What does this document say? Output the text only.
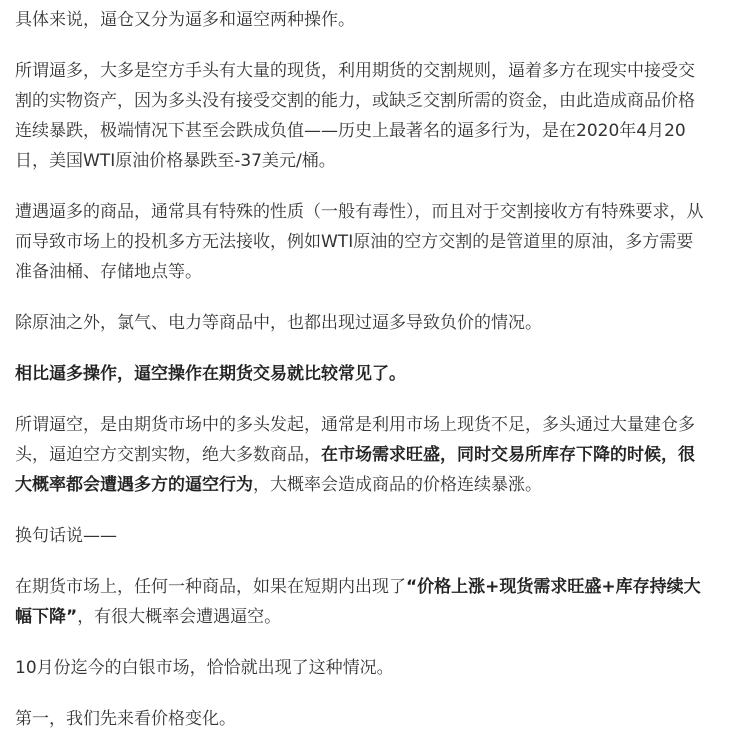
具体来说，逼仓又分为逼多和逼空两种操作。

所谓逼多，大多是空方手头有大量的现货，利用期货的交割规则，逼着多方在现实中接受交割的实物资产，因为多头没有接受交割的能力，或缺乏交割所需的资金，由此造成商品价格连续暴跌，极端情况下甚至会跌成负值——历史上最著名的逼多行为，是在2020年4月20日，美国WTI原油价格暴跌至-37美元/桶。

遭遇逼多的商品，通常具有特殊的性质（一般有毒性），而且对于交割接收方有特殊要求，从而导致市场上的投机多方无法接收，例如WTI原油的空方交割的是管道里的原油，多方需要准备油桶、存储地点等。

除原油之外，氯气、电力等商品中，也都出现过逼多导致负价的情况。

相比逼多操作，逼空操作在期货交易就比较常见了。

所谓逼空，是由期货市场中的多头发起，通常是利用市场上现货不足，多头通过大量建仓多头，逼迫空方交割实物，绝大多数商品，在市场需求旺盛，同时交易所库存下降的时候，很大概率都会遭遇多方的逼空行为，大概率会造成商品的价格连续暴涨。

换句话说——

在期货市场上，任何一种商品，如果在短期内出现了“价格上涨+现货需求旺盛+库存持续大幅下降”，有很大概率会遭遇逼空。

10月份迄今的白银市场，恰恰就出现了这种情况。

第一，我们先来看价格变化。
